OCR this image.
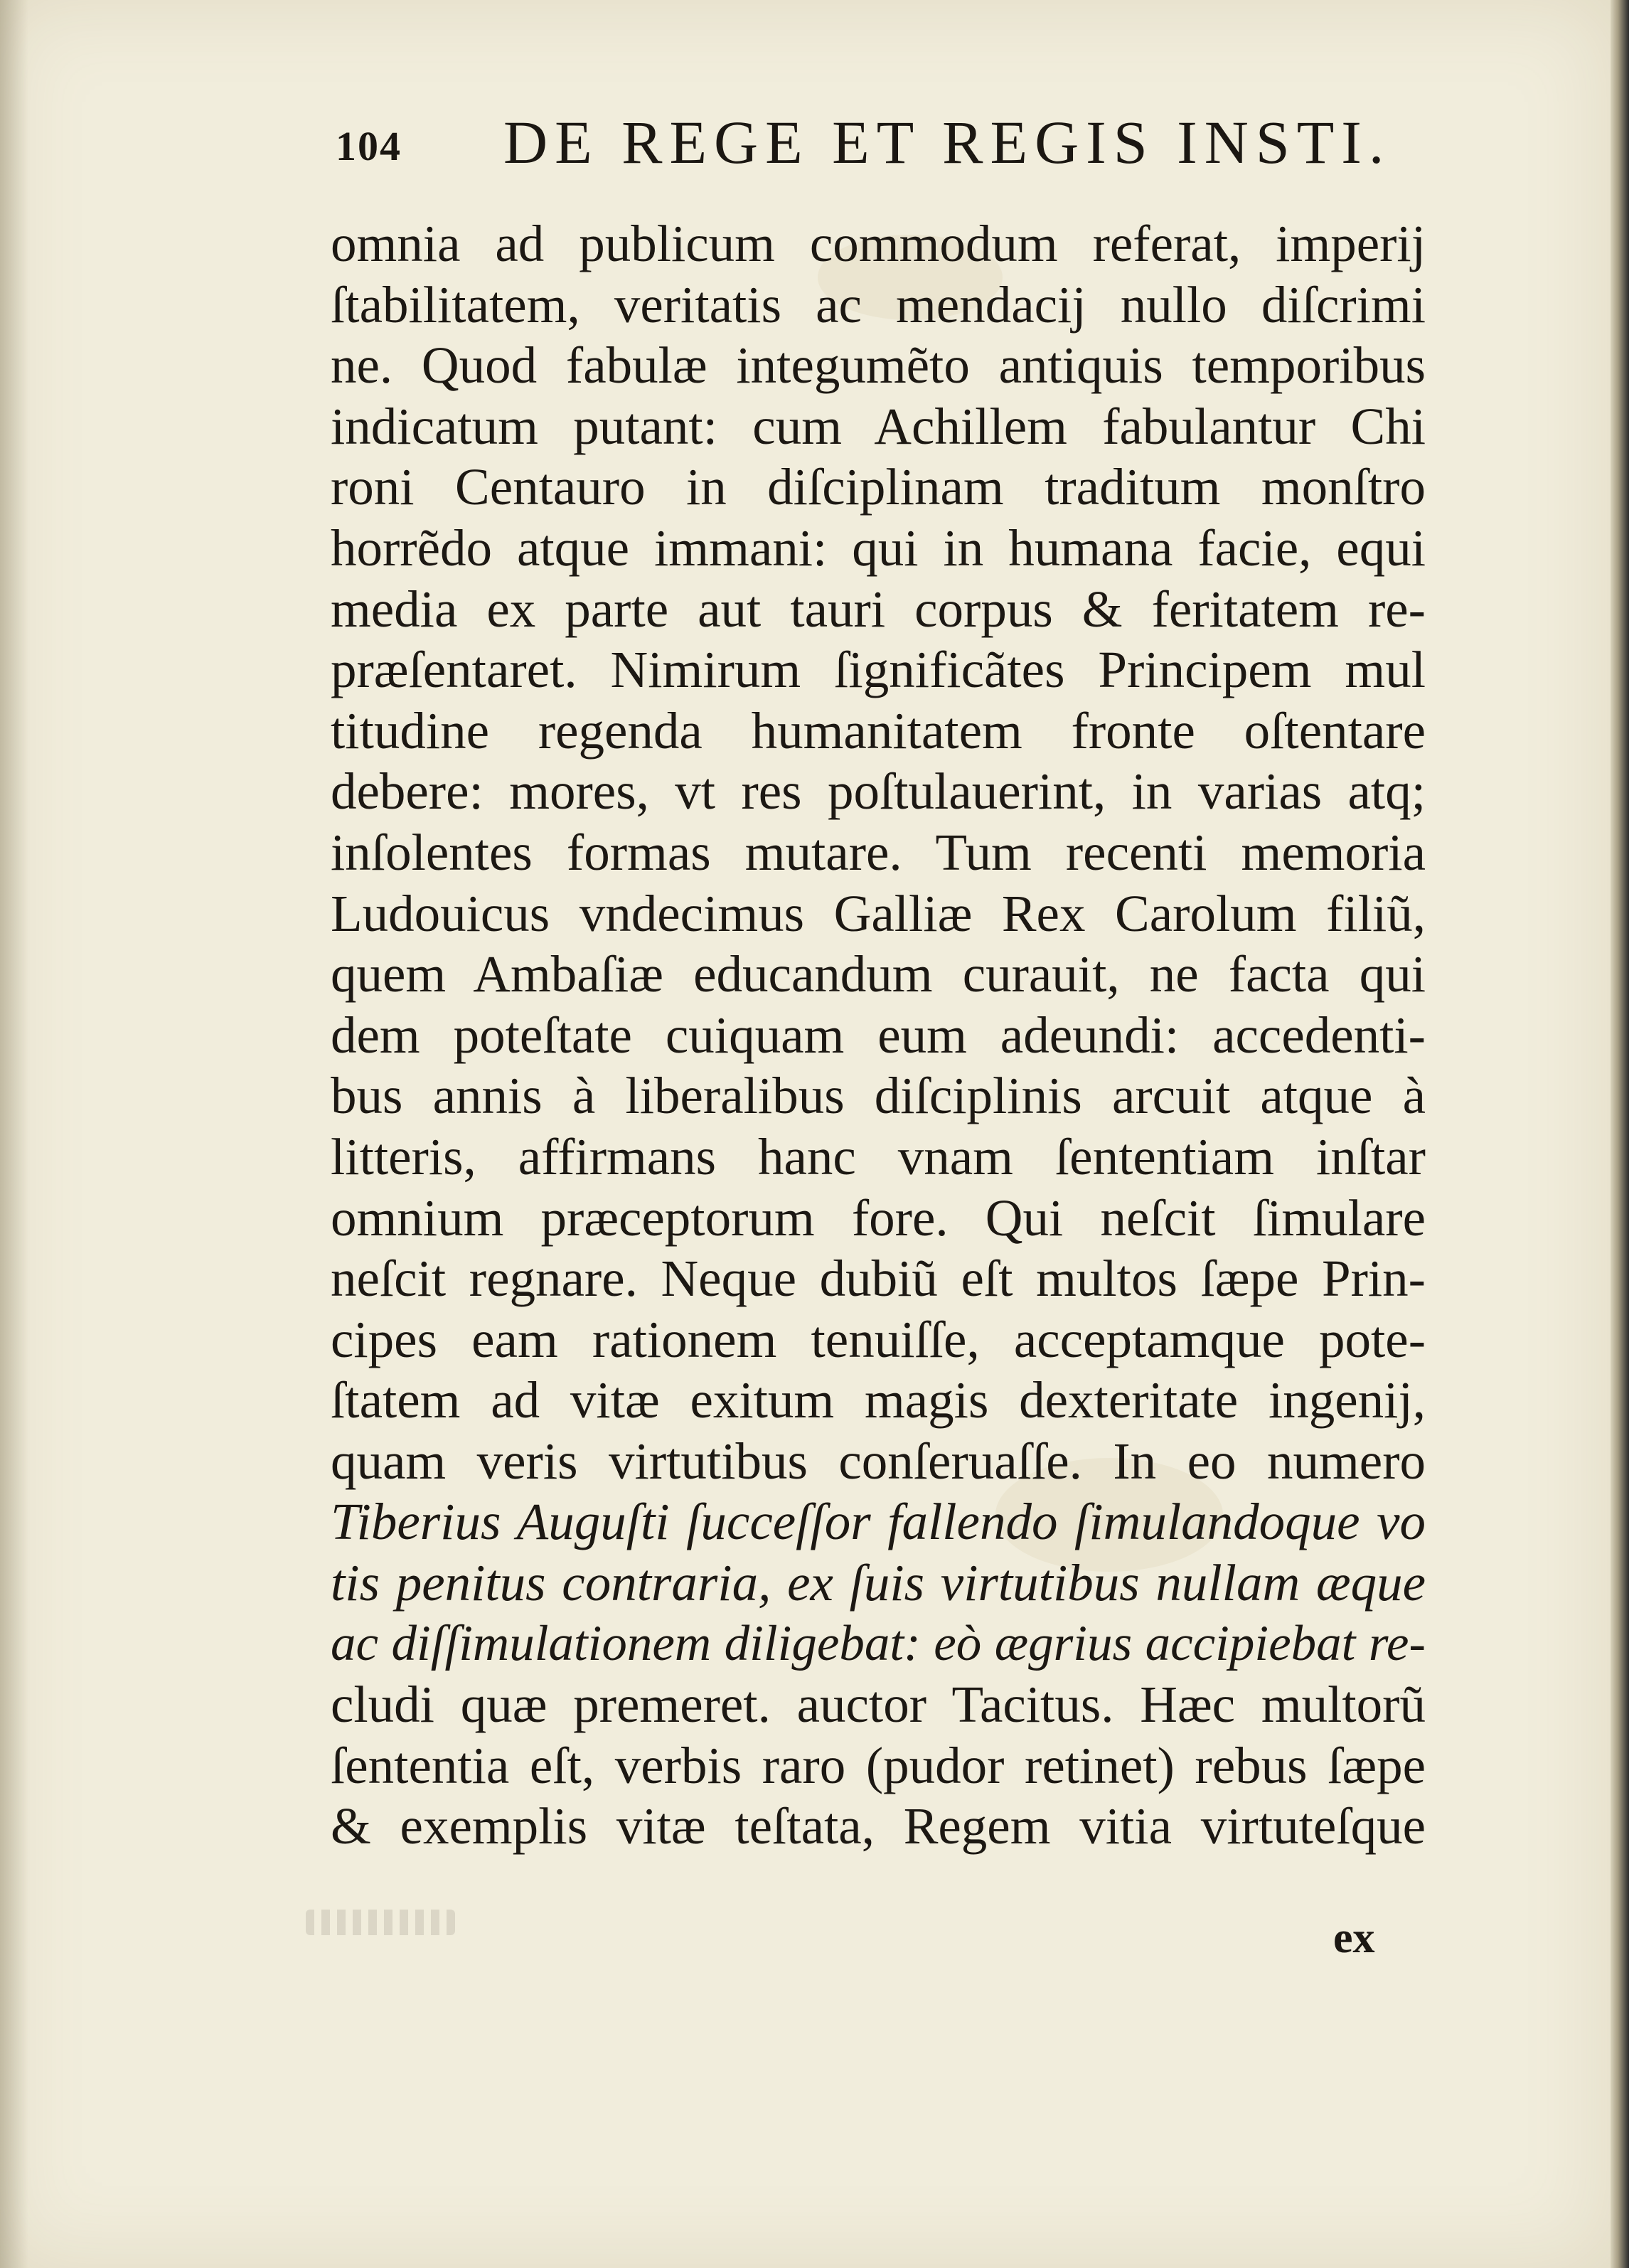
104 DE REGE ET REGIS INSTI.
omnia ad publicum commodum referat, imperij
ſtabilitatem, veritatis ac mendacij nullo diſcrimi
ne. Quod fabulæ integumẽto antiquis temporibus
indicatum putant: cum Achillem fabulantur Chi
roni Centauro in diſciplinam traditum monſtro
horrẽdo atque immani: qui in humana facie, equi
media ex parte aut tauri corpus & feritatem re-
præſentaret. Nimirum ſignificãtes Principem mul
titudine regenda humanitatem fronte oſtentare
debere: mores, vt res poſtulauerint, in varias atq;
inſolentes formas mutare. Tum recenti memoria
Ludouicus vndecimus Galliæ Rex Carolum filiũ,
quem Ambaſiæ educandum curauit, ne facta qui
dem poteſtate cuiquam eum adeundi: accedenti-
bus annis à liberalibus diſciplinis arcuit atque à
litteris, affirmans hanc vnam ſententiam inſtar
omnium præceptorum fore. Qui neſcit ſimulare
neſcit regnare. Neque dubiũ eſt multos ſæpe Prin-
cipes eam rationem tenuiſſe, acceptamque pote-
ſtatem ad vitæ exitum magis dexteritate ingenij,
quam veris virtutibus conſeruaſſe. In eo numero
Tiberius Auguſti ſucceſſor fallendo ſimulandoque vo
tis penitus contraria, ex ſuis virtutibus nullam æque
ac diſſimulationem diligebat: eò ægrius accipiebat re-
cludi quæ premeret. auctor Tacitus. Hæc multorũ
ſententia eſt, verbis raro (pudor retinet) rebus ſæpe
& exemplis vitæ teſtata, Regem vitia virtuteſque
ex
